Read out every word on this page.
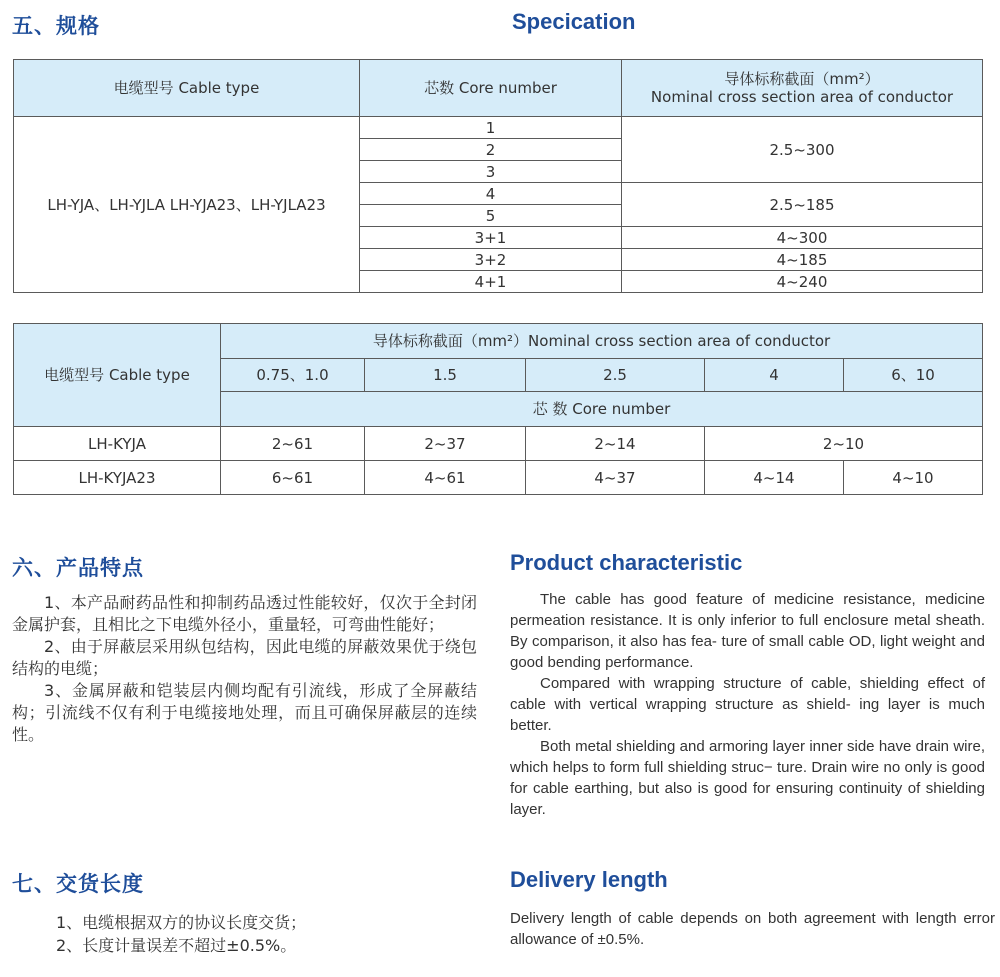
五、规格	Specication
电缆型号 Cable type	芯数 Core number	导体标称截面（mm²）
Nominal cross section area of conductor

LH-YJA、LH-YJLA LH-YJA23、LH-YJLA23	1	2.5~300
	2	
	3	
	4	2.5~185
	5	
	3+1	4~300
	3+2	4~185
	4+1	4~240
电缆型号 Cable type	导体标称截面（mm²）Nominal cross section area of conductor				
	0.75、1.0	1.5	2.5	4	6、10
	芯 数 Core number				
LH-KYJA	2~61	2~37	2~14	2~10	
LH-KYJA23	6~61	4~61	4~37	4~14	4~10
六、产品特点	Product characteristic

1、本产品耐药品性和抑制药品透过性能较好，仅次于全封闭金属护套，且相比之下电缆外径小，重量轻，可弯曲性能好；

2、由于屏蔽层采用纵包结构，因此电缆的屏蔽效果优于绕包结构的电缆；

3、金属屏蔽和铠装层内侧均配有引流线，形成了全屏蔽结构；引流线不仅有利于电缆接地处理，而且可确保屏蔽层的连续性。

The cable has good feature of medicine resistance, medicine permeation resistance. It is only inferior to full enclosure metal sheath. By comparison, it also has fea- ture of small cable OD, light weight and good bending performance.

Compared with wrapping structure of cable, shielding effect of cable with vertical wrapping structure as shield- ing layer is much better.

Both metal shielding and armoring layer inner side have drain wire, which helps to form full shielding struc− ture. Drain wire no only is good for cable earthing, but also is good for ensuring continuity of shielding layer.

七、交货长度	Delivery length

1、电缆根据双方的协议长度交货；

2、长度计量误差不超过±0.5%。

Delivery length of cable depends on both agreement with length error allowance of ±0.5%.
